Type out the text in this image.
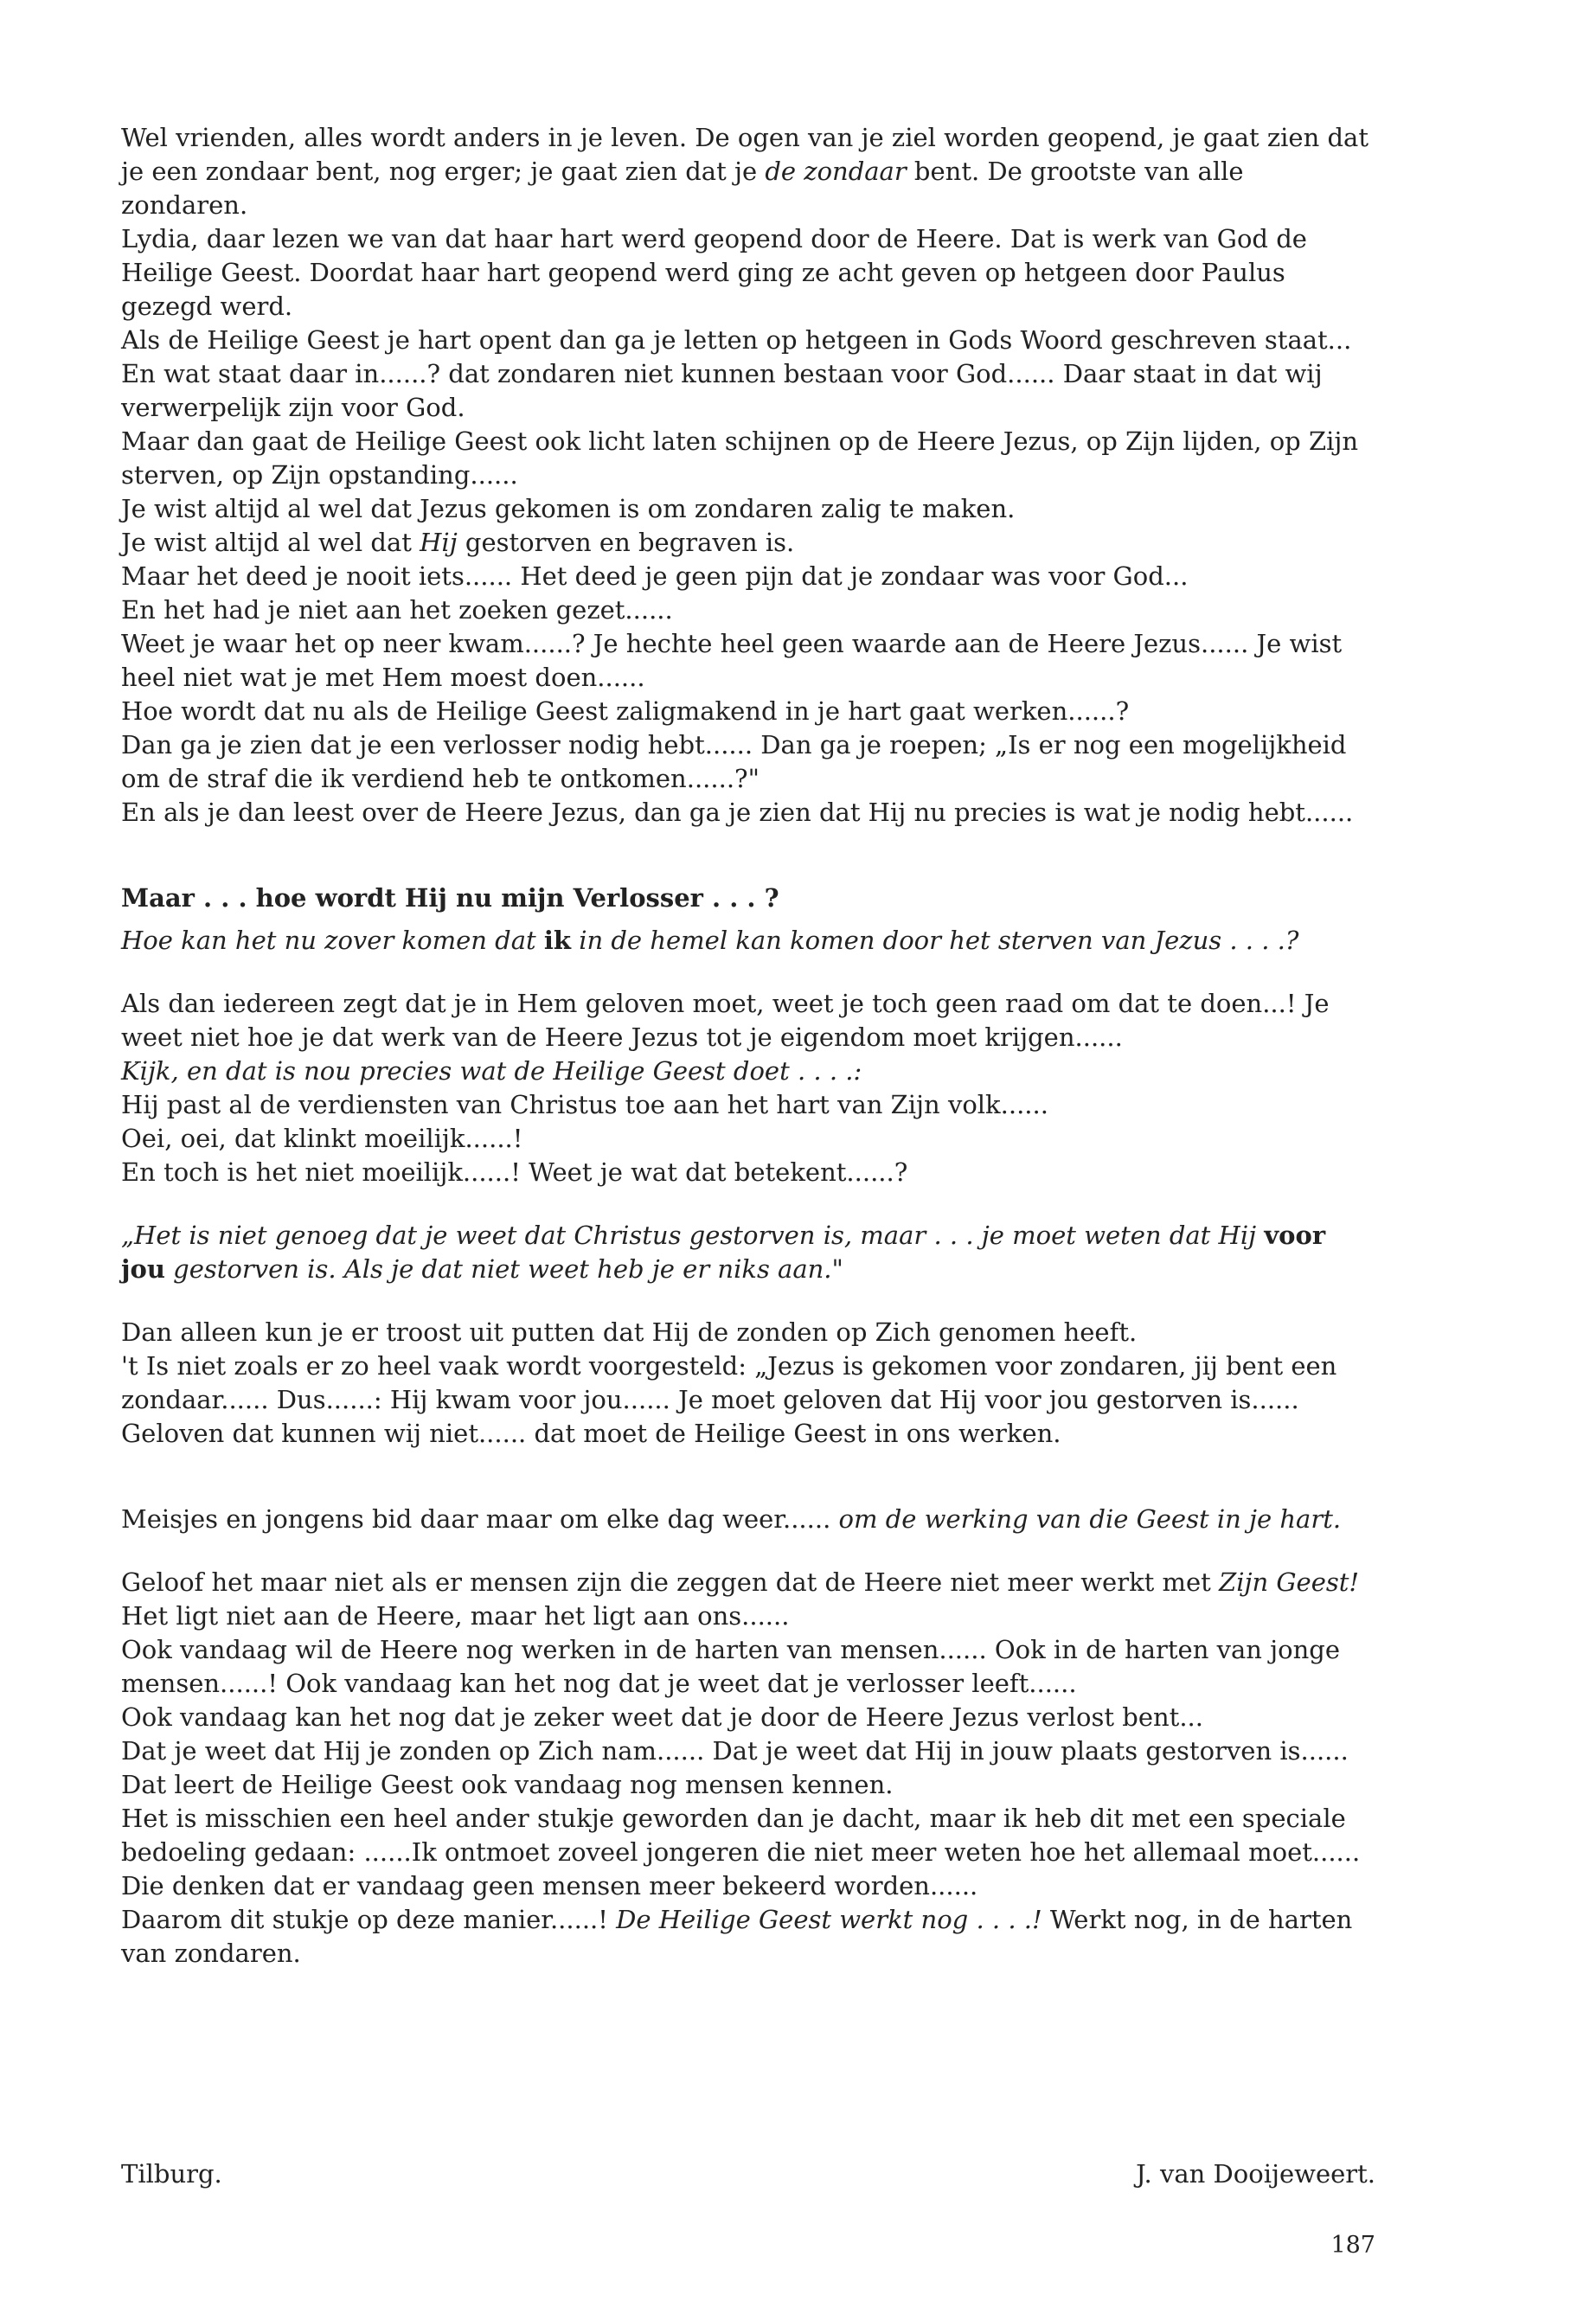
Wel vrienden, alles wordt anders in je leven. De ogen van je ziel worden geopend, je gaat zien dat je een zondaar bent, nog erger; je gaat zien dat je de zondaar bent. De grootste van alle zondaren.

Lydia, daar lezen we van dat haar hart werd geopend door de Heere. Dat is werk van God de Heilige Geest. Doordat haar hart geopend werd ging ze acht geven op hetgeen door Paulus gezegd werd.

Als de Heilige Geest je hart opent dan ga je letten op hetgeen in Gods Woord geschreven staat... En wat staat daar in......? dat zondaren niet kunnen bestaan voor God...... Daar staat in dat wij verwerpelijk zijn voor God.

Maar dan gaat de Heilige Geest ook licht laten schijnen op de Heere Jezus, op Zijn lijden, op Zijn sterven, op Zijn opstanding......

Je wist altijd al wel dat Jezus gekomen is om zondaren zalig te maken.

Je wist altijd al wel dat Hij gestorven en begraven is.

Maar het deed je nooit iets...... Het deed je geen pijn dat je zondaar was voor God...

En het had je niet aan het zoeken gezet......

Weet je waar het op neer kwam......? Je hechte heel geen waarde aan de Heere Jezus...... Je wist heel niet wat je met Hem moest doen......

Hoe wordt dat nu als de Heilige Geest zaligmakend in je hart gaat werken......?

Dan ga je zien dat je een verlosser nodig hebt...... Dan ga je roepen; „Is er nog een mogelijkheid om de straf die ik verdiend heb te ontkomen......?"

En als je dan leest over de Heere Jezus, dan ga je zien dat Hij nu precies is wat je nodig hebt......

Maar . . . hoe wordt Hij nu mijn Verlosser . . . ?

Hoe kan het nu zover komen dat ik in de hemel kan komen door het sterven van Jezus . . . .?

Als dan iedereen zegt dat je in Hem geloven moet, weet je toch geen raad om dat te doen...! Je weet niet hoe je dat werk van de Heere Jezus tot je eigendom moet krijgen......

Kijk, en dat is nou precies wat de Heilige Geest doet . . . .:

Hij past al de verdiensten van Christus toe aan het hart van Zijn volk......

Oei, oei, dat klinkt moeilijk......!

En toch is het niet moeilijk......! Weet je wat dat betekent......?

„Het is niet genoeg dat je weet dat Christus gestorven is, maar . . . je moet weten dat Hij voor jou gestorven is. Als je dat niet weet heb je er niks aan."

Dan alleen kun je er troost uit putten dat Hij de zonden op Zich genomen heeft.

't Is niet zoals er zo heel vaak wordt voorgesteld: „Jezus is gekomen voor zondaren, jij bent een zondaar...... Dus......: Hij kwam voor jou...... Je moet geloven dat Hij voor jou gestorven is......

Geloven dat kunnen wij niet...... dat moet de Heilige Geest in ons werken.

Meisjes en jongens bid daar maar om elke dag weer...... om de werking van die Geest in je hart.

Geloof het maar niet als er mensen zijn die zeggen dat de Heere niet meer werkt met Zijn Geest! Het ligt niet aan de Heere, maar het ligt aan ons......

Ook vandaag wil de Heere nog werken in de harten van mensen...... Ook in de harten van jonge mensen......! Ook vandaag kan het nog dat je weet dat je verlosser leeft......

Ook vandaag kan het nog dat je zeker weet dat je door de Heere Jezus verlost bent...

Dat je weet dat Hij je zonden op Zich nam...... Dat je weet dat Hij in jouw plaats gestorven is......

Dat leert de Heilige Geest ook vandaag nog mensen kennen.

Het is misschien een heel ander stukje geworden dan je dacht, maar ik heb dit met een speciale bedoeling gedaan: ......Ik ontmoet zoveel jongeren die niet meer weten hoe het allemaal moet...... Die denken dat er vandaag geen mensen meer bekeerd worden......

Daarom dit stukje op deze manier......! De Heilige Geest werkt nog . . . .! Werkt nog, in de harten van zondaren.

Tilburg.	J. van Dooijeweert.
187
